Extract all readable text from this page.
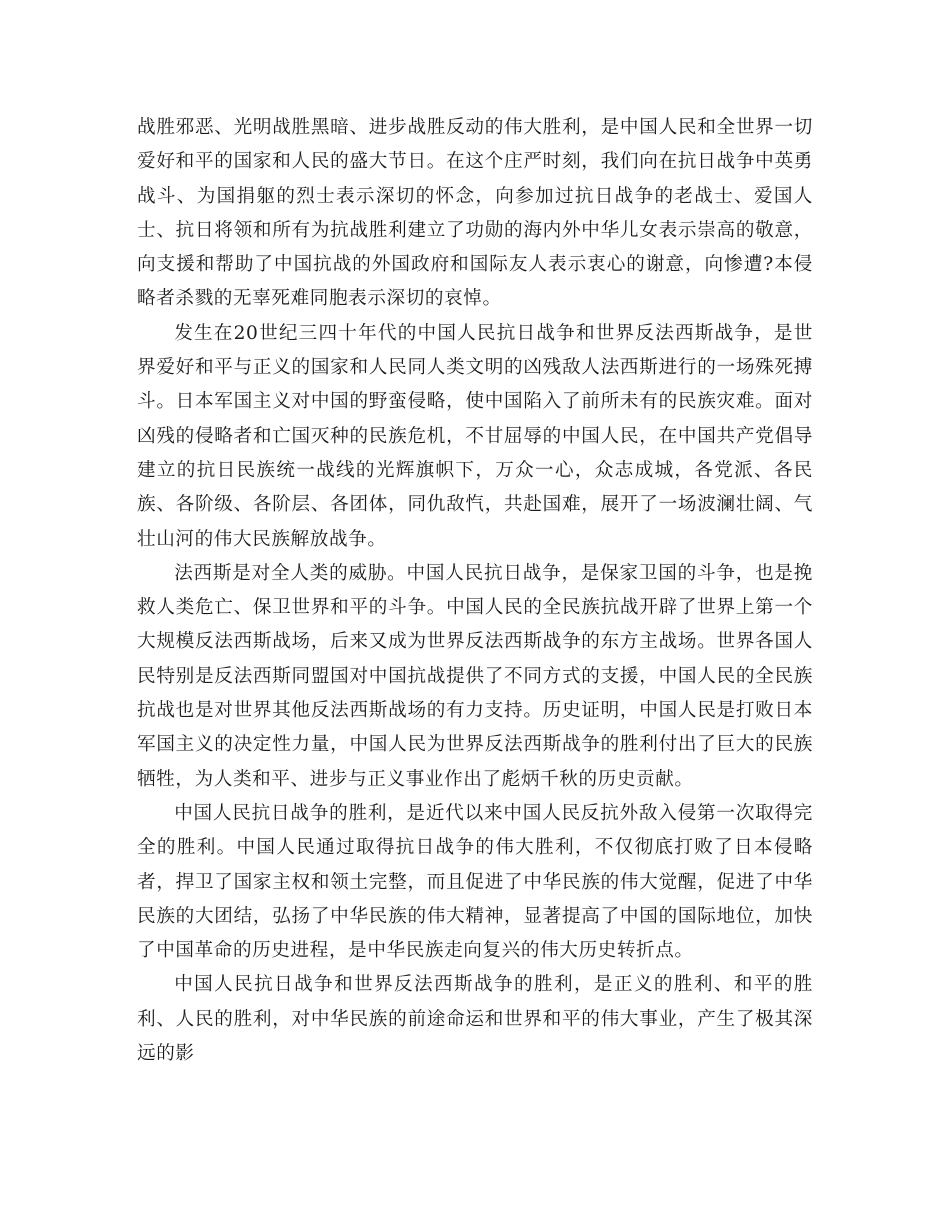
战胜邪恶、光明战胜黑暗、进步战胜反动的伟大胜利，是中国人民和全世界一切爱好和平的国家和人民的盛大节日。在这个庄严时刻，我们向在抗日战争中英勇战斗、为国捐躯的烈士表示深切的怀念，向参加过抗日战争的老战士、爱国人士、抗日将领和所有为抗战胜利建立了功勋的海内外中华儿女表示崇高的敬意，向支援和帮助了中国抗战的外国政府和国际友人表示衷心的谢意，向惨遭?本侵略者杀戮的无辜死难同胞表示深切的哀悼。

发生在20世纪三四十年代的中国人民抗日战争和世界反法西斯战争，是世界爱好和平与正义的国家和人民同人类文明的凶残敌人法西斯进行的一场殊死搏斗。日本军国主义对中国的野蛮侵略，使中国陷入了前所未有的民族灾难。面对凶残的侵略者和亡国灭种的民族危机，不甘屈辱的中国人民，在中国共产党倡导建立的抗日民族统一战线的光辉旗帜下，万众一心，众志成城，各党派、各民族、各阶级、各阶层、各团体，同仇敌忾，共赴国难，展开了一场波澜壮阔、气壮山河的伟大民族解放战争。

法西斯是对全人类的威胁。中国人民抗日战争，是保家卫国的斗争，也是挽救人类危亡、保卫世界和平的斗争。中国人民的全民族抗战开辟了世界上第一个大规模反法西斯战场，后来又成为世界反法西斯战争的东方主战场。世界各国人民特别是反法西斯同盟国对中国抗战提供了不同方式的支援，中国人民的全民族抗战也是对世界其他反法西斯战场的有力支持。历史证明，中国人民是打败日本军国主义的决定性力量，中国人民为世界反法西斯战争的胜利付出了巨大的民族牺牲，为人类和平、进步与正义事业作出了彪炳千秋的历史贡献。

中国人民抗日战争的胜利，是近代以来中国人民反抗外敌入侵第一次取得完全的胜利。中国人民通过取得抗日战争的伟大胜利，不仅彻底打败了日本侵略者，捍卫了国家主权和领土完整，而且促进了中华民族的伟大觉醒，促进了中华民族的大团结，弘扬了中华民族的伟大精神，显著提高了中国的国际地位，加快了中国革命的历史进程，是中华民族走向复兴的伟大历史转折点。

中国人民抗日战争和世界反法西斯战争的胜利，是正义的胜利、和平的胜利、人民的胜利，对中华民族的前途命运和世界和平的伟大事业，产生了极其深远的影
